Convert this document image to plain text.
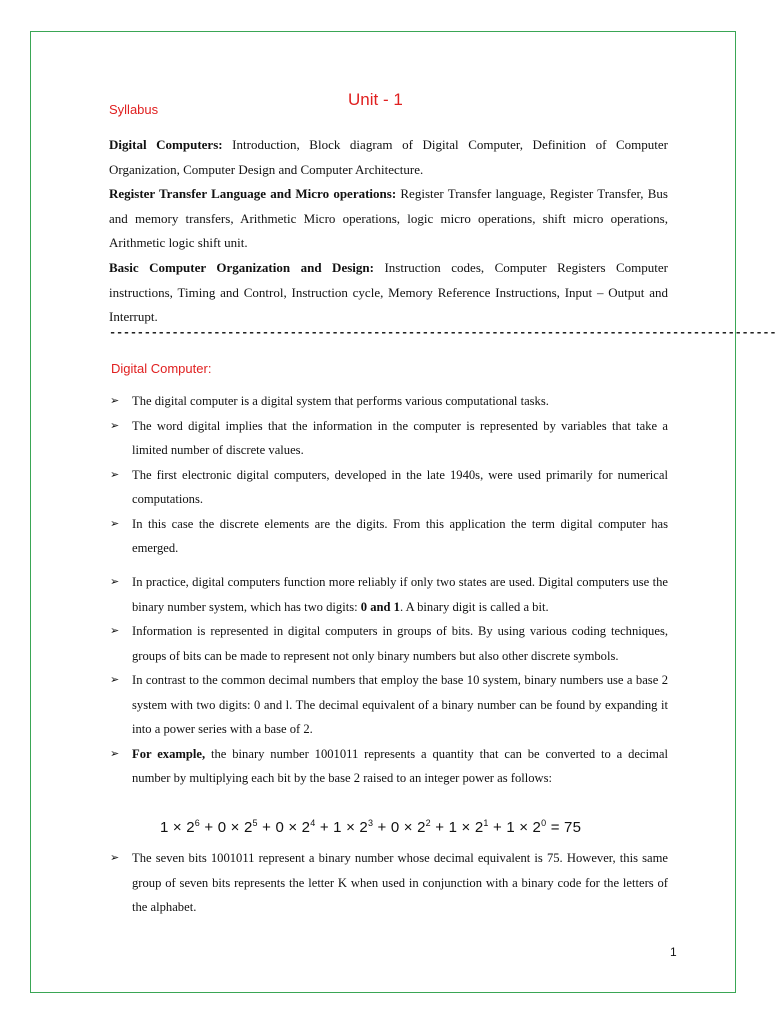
Syllabus
Unit - 1

Digital Computers: Introduction, Block diagram of Digital Computer, Definition of Computer Organization, Computer Design and Computer Architecture.

Register Transfer Language and Micro operations: Register Transfer language, Register Transfer, Bus and memory transfers, Arithmetic Micro operations, logic micro operations, shift micro operations, Arithmetic logic shift unit.

Basic Computer Organization and Design: Instruction codes, Computer Registers Computer instructions, Timing and Control, Instruction cycle, Memory Reference Instructions, Input – Output and Interrupt.

------------------------------------------------------------------------------------------------
Digital Computer:

➢ The digital computer is a digital system that performs various computational tasks.

➢ The word digital implies that the information in the computer is represented by variables that take a limited number of discrete values.

➢ The first electronic digital computers, developed in the late 1940s, were used primarily for numerical computations.

➢ In this case the discrete elements are the digits. From this application the term digital computer has emerged.

➢ In practice, digital computers function more reliably if only two states are used. Digital computers use the binary number system, which has two digits: 0 and 1. A binary digit is called a bit.

➢ Information is represented in digital computers in groups of bits. By using various coding techniques, groups of bits can be made to represent not only binary numbers but also other discrete symbols.

➢ In contrast to the common decimal numbers that employ the base 10 system, binary numbers use a base 2 system with two digits: 0 and l. The decimal equivalent of a binary number can be found by expanding it into a power series with a base of 2.

➢ For example, the binary number 1001011 represents a quantity that can be converted to a decimal number by multiplying each bit by the base 2 raised to an integer power as follows:

$1 \times 2^6 + 0 \times 2^5 + 0 \times 2^4 + 1 \times 2^3 + 0 \times 2^2 + 1 \times 2^1 + 1 \times 2^0 = 75$

➢ The seven bits 1001011 represent a binary number whose decimal equivalent is 75. However, this same group of seven bits represents the letter K when used in conjunction with a binary code for the letters of the alphabet.

1
